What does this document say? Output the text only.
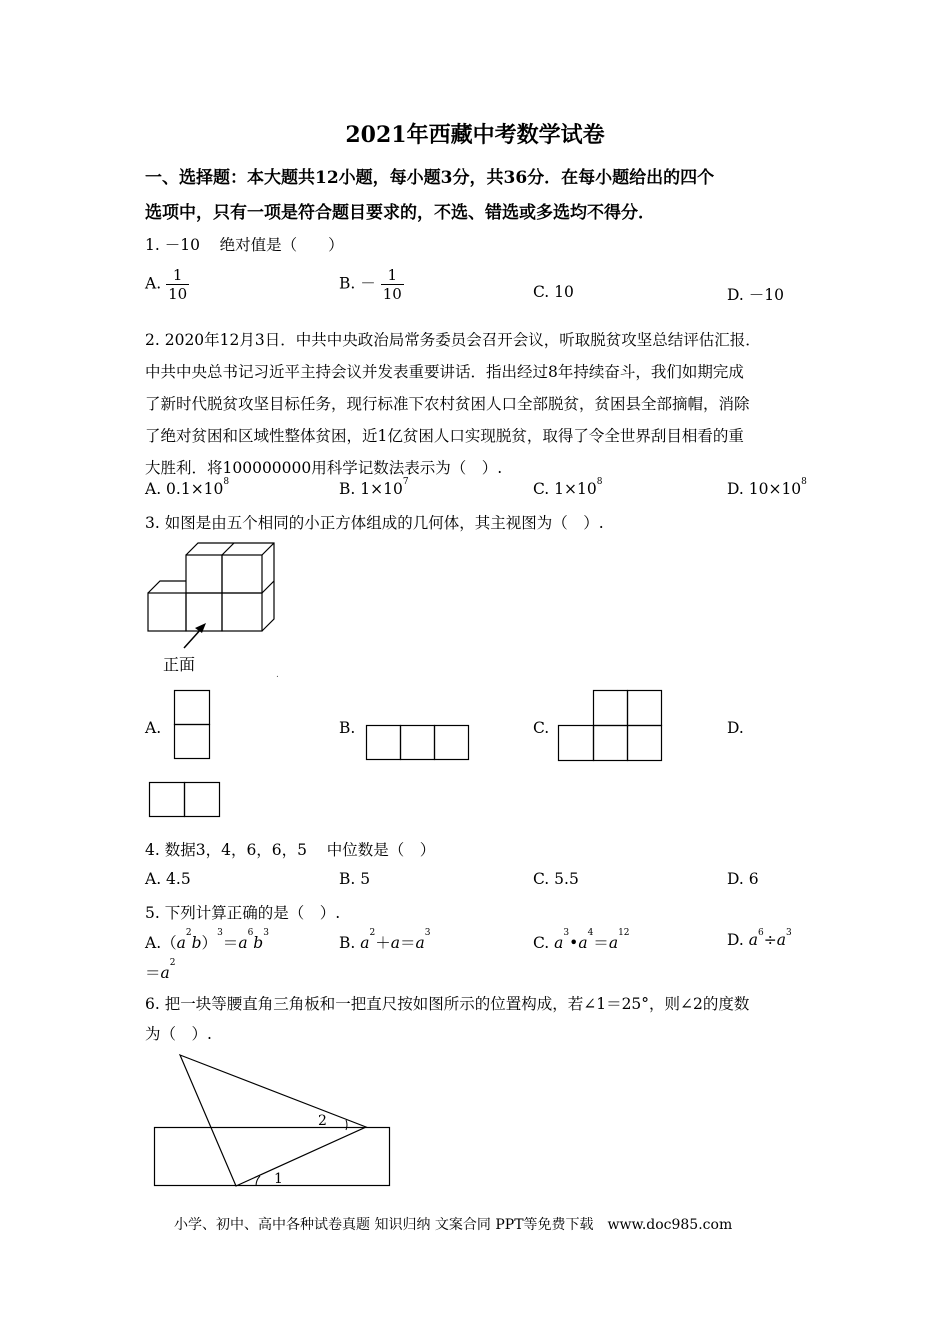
2021年西藏中考数学试卷
一、选择题：本大题共12小题，每小题3分，共36分．在每小题给出的四个
选项中，只有一项是符合题目要求的，不选、错选或多选均不得分．
1. －10 绝对值是（　　）
A. $\frac{1}{10}$	B. － $\frac{1}{10}$	C. 10	D. －10
2. 2020年12月3日．中共中央政治局常务委员会召开会议，听取脱贫攻坚总结评估汇报．
中共中央总书记习近平主持会议并发表重要讲话．指出经过8年持续奋斗，我们如期完成
了新时代脱贫攻坚目标任务，现行标准下农村贫困人口全部脱贫，贫困县全部摘帽，消除
了绝对贫困和区域性整体贫困，近1亿贫困人口实现脱贫，取得了令全世界刮目相看的重
大胜利．将100000000用科学记数法表示为（　）.
A. $0.1\times 10^8$	B. $1\times 10^7$	C. $1\times 10^8$	D. $10\times 10^8$
3. 如图是由五个相同的小正方体组成的几何体，其主视图为（　）.
正面
.
A.	B.	C.	D.
4. 数据3，4，6，6，5 中位数是（　）
A. 4.5	B. 5	C. 5.5	D. 6
5. 下列计算正确的是（　）.
$A.(a^2b)^3=a^6b^3$
B. $a^2+a=a^3$
C. $a^3•a^4=a^{12}$	D. $a^6\div a^3$
$=a^2$
6. 把一块等腰直角三角板和一把直尺按如图所示的位置构成，若∠1＝25°，则∠2的度数
为（　）.
2
1
小学、初中、高中各种试卷真题 知识归纳 文案合同 PPT等免费下载　www.doc985.com
